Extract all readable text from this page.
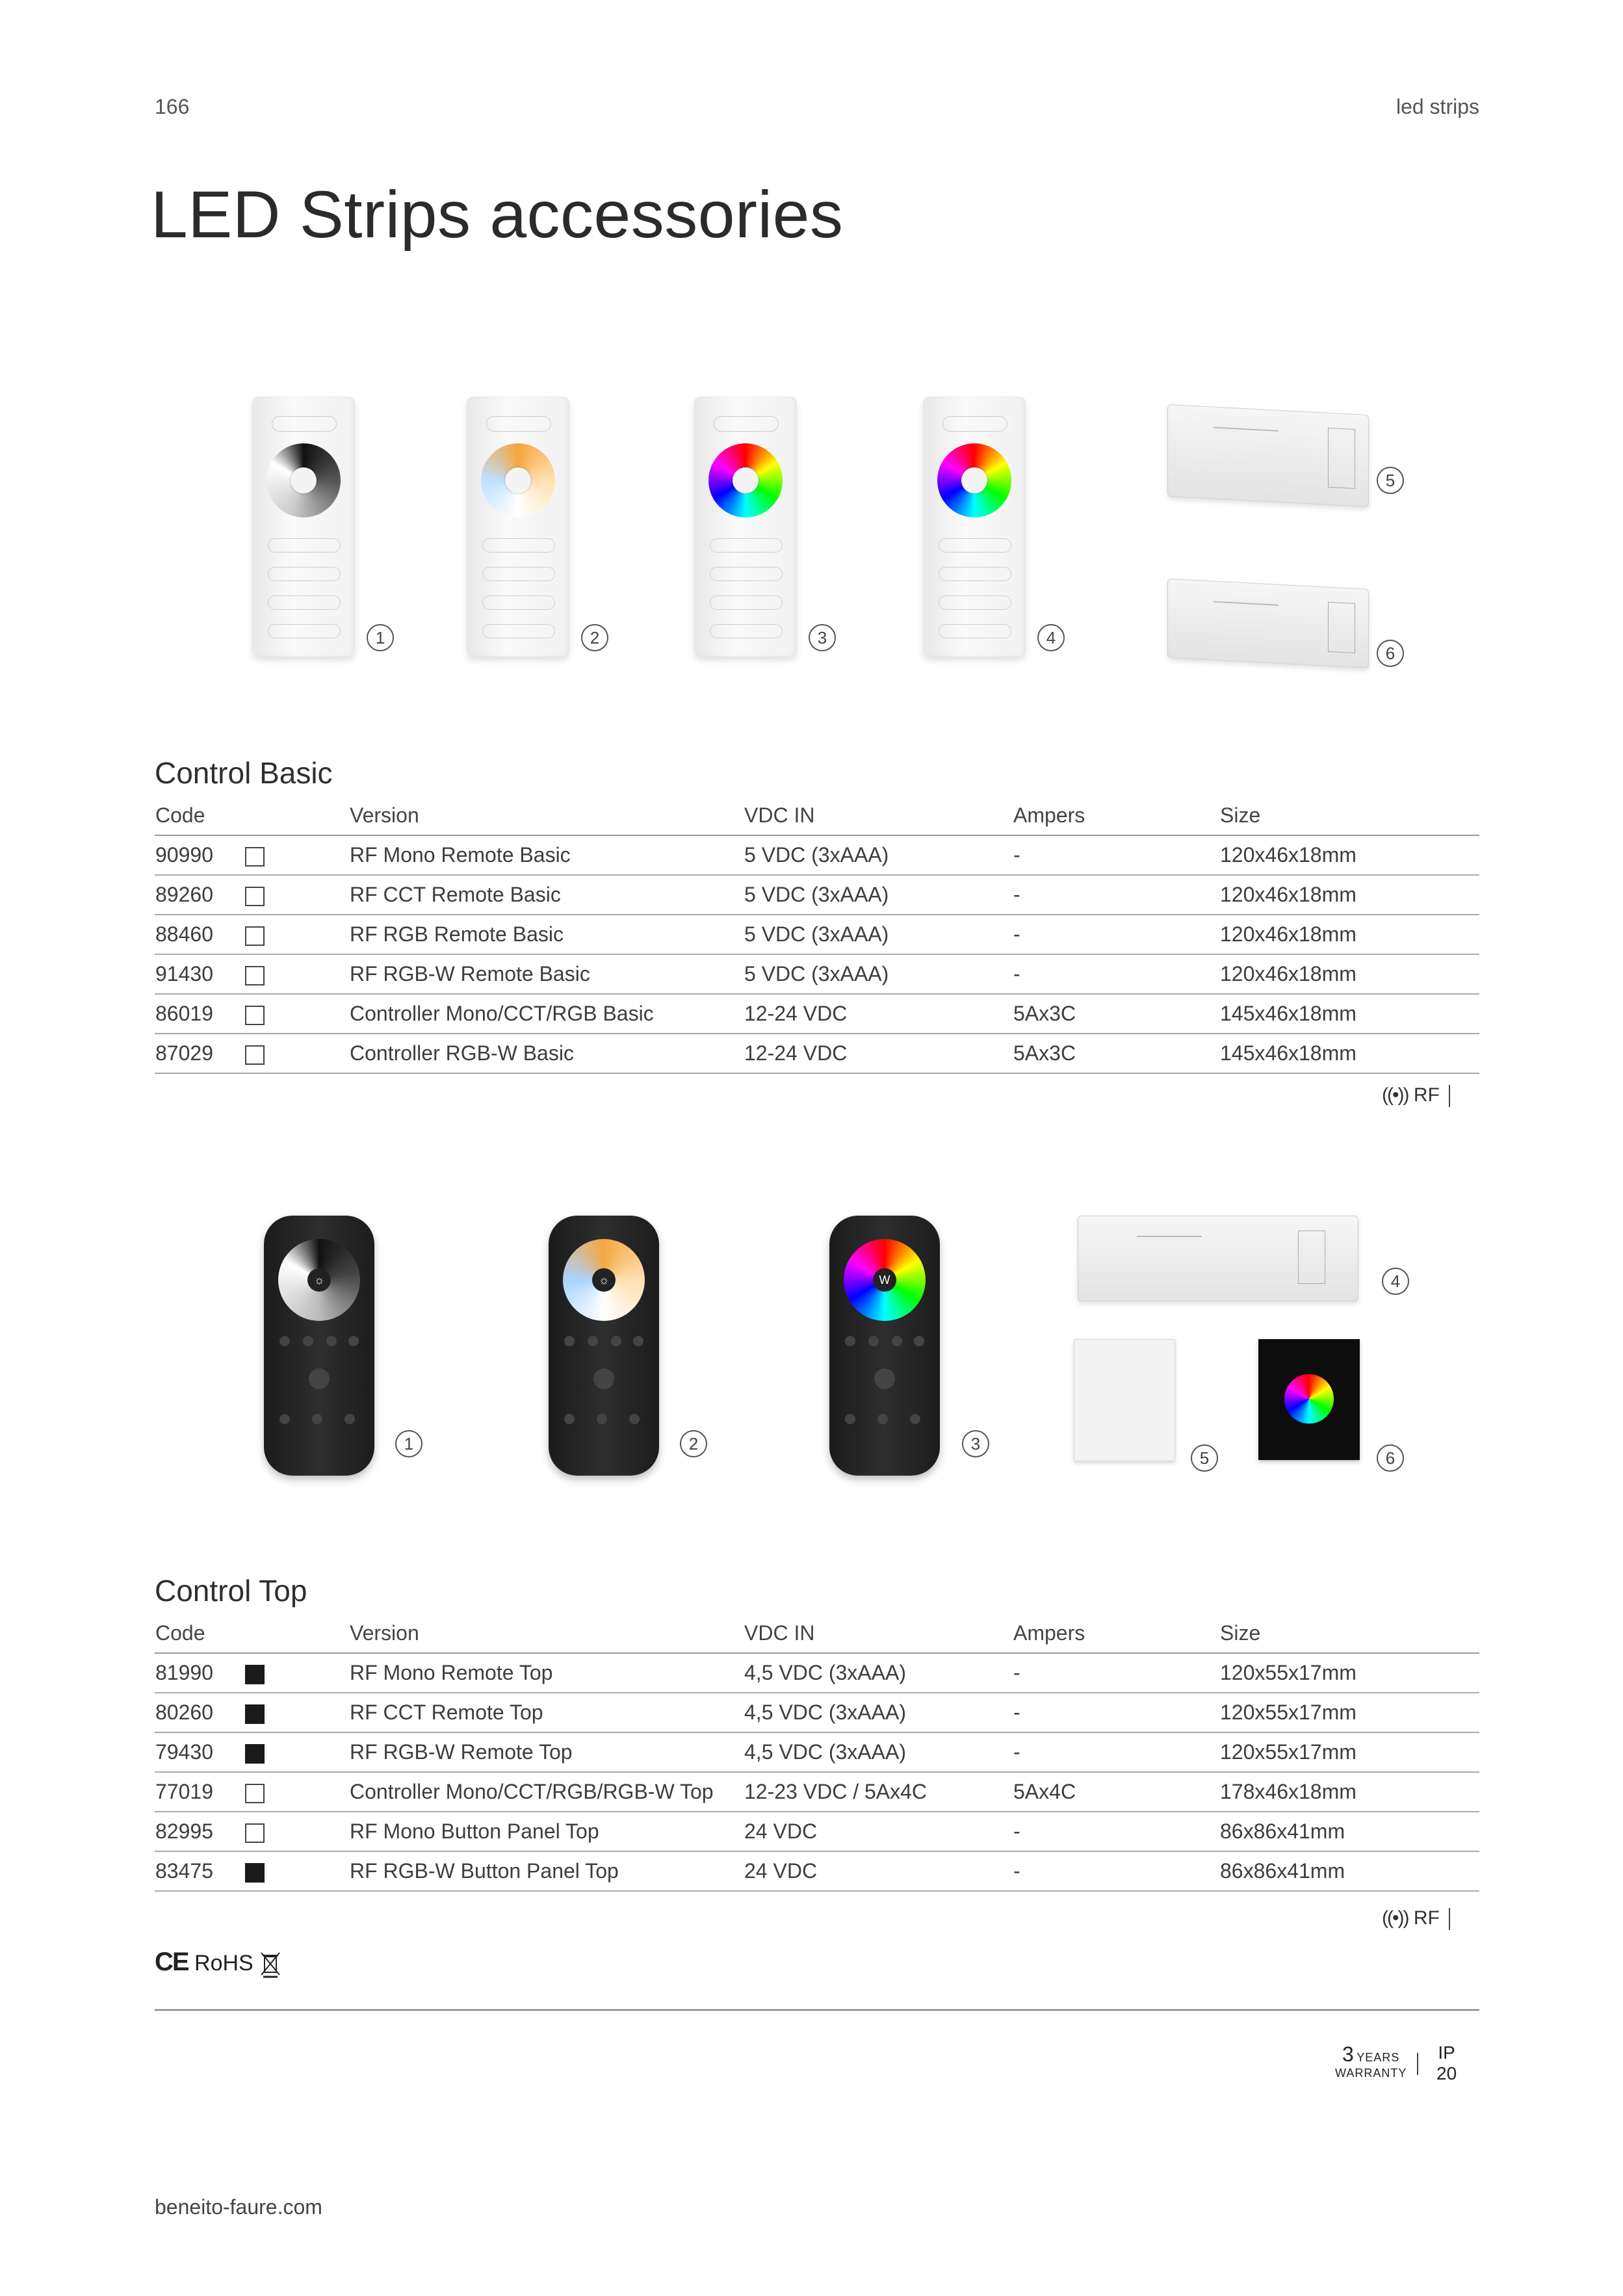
166	led strips
LED Strips accessories
1	2	3	4
5
6
Control Basic
Code		Version	VDC IN	Ampers	Size
90990		RF Mono Remote Basic	5 VDC (3xAAA)	-	120x46x18mm
89260		RF CCT Remote Basic	5 VDC (3xAAA)	-	120x46x18mm
88460		RF RGB Remote Basic	5 VDC (3xAAA)	-	120x46x18mm
91430		RF RGB-W Remote Basic	5 VDC (3xAAA)	-	120x46x18mm
86019		Controller Mono/CCT/RGB Basic	12-24 VDC	5Ax3C	145x46x18mm
87029		Controller RGB-W Basic	12-24 VDC	5Ax3C	145x46x18mm
((•)) RF
☼
1
☼
2
W
3
4
5	6
Control Top
Code		Version	VDC IN	Ampers	Size
81990		RF Mono Remote Top	4,5 VDC (3xAAA)	-	120x55x17mm
80260		RF CCT Remote Top	4,5 VDC (3xAAA)	-	120x55x17mm
79430		RF RGB-W Remote Top	4,5 VDC (3xAAA)	-	120x55x17mm
77019		Controller Mono/CCT/RGB/RGB-W Top	12-23 VDC / 5Ax4C	5Ax4C	178x46x18mm
82995		RF Mono Button Panel Top	24 VDC	-	86x86x41mm
83475		RF RGB-W Button Panel Top	24 VDC	-	86x86x41mm
((•)) RF
CE RoHS
3 YEARS
WARRANTY
IP
20
beneito-faure.com
